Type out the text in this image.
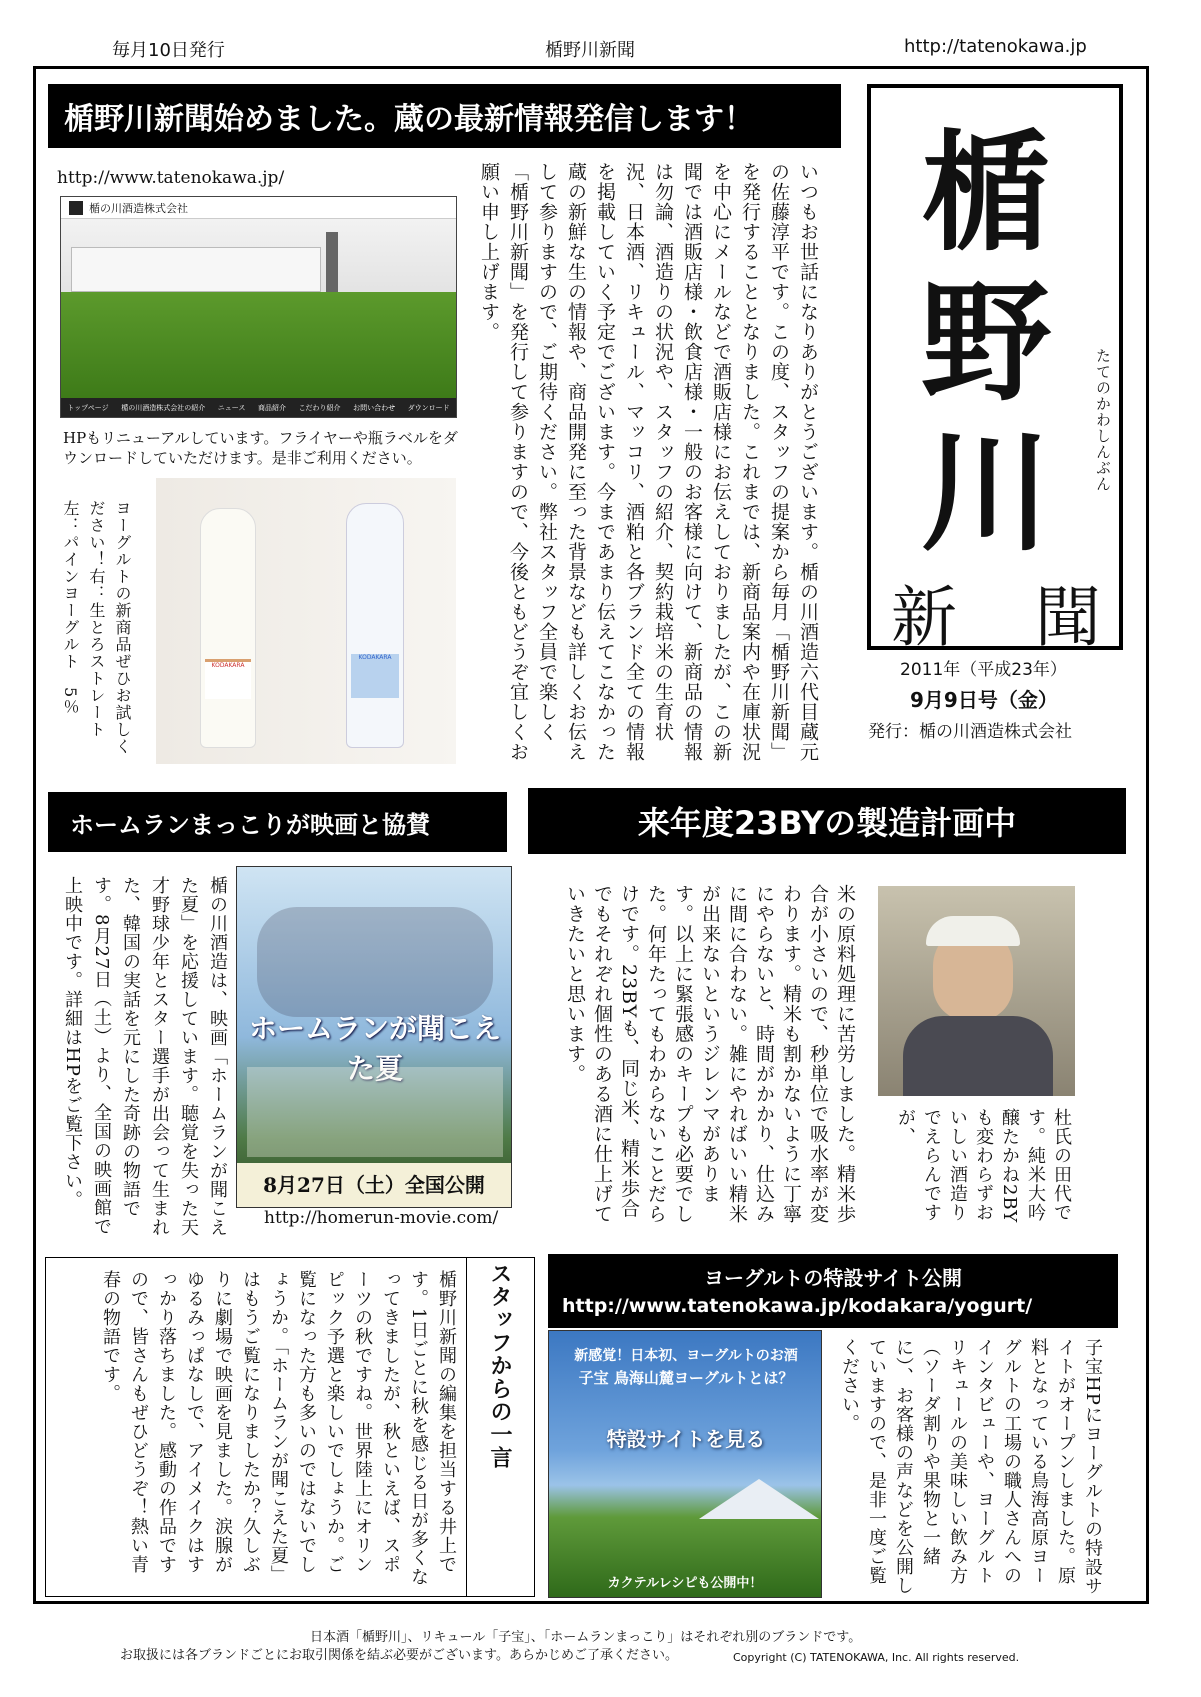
毎月10日発行	楯野川新聞	http://tatenokawa.jp
楯野川新聞始めました。蔵の最新情報発信します！
http://www.tatenokawa.jp/
楯の川酒造株式会社
トップページ 楯の川酒造株式会社の紹介 ニュース 商品紹介 こだわり紹介 お問い合わせ ダウンロード
HPもリニューアルしています。フライヤーや瓶ラベルをダウンロードしていただけます。是非ご利用ください。
KODAKARA
KODAKARA
ヨーグルトの新商品ぜひお試しください！右：生とろストレート　左：パインヨーグルト　5％	いつもお世話になりありがとうございます。楯の川酒造六代目蔵元の佐藤淳平です。この度、スタッフの提案から毎月「楯野川新聞」を発行することとなりました。これまでは、新商品案内や在庫状況を中心にメールなどで酒販店様にお伝えしておりましたが、この新聞では酒販店様・飲食店様・一般のお客様に向けて、新商品の情報は勿論、酒造りの状況や、スタッフの紹介、契約栽培米の生育状況、日本酒、リキュール、マッコリ、酒粕と各ブランド全ての情報を掲載していく予定でございます。今まであまり伝えてこなかった蔵の新鮮な生の情報や、商品開発に至った背景なども詳しくお伝えして参りますので、ご期待ください。弊社スタッフ全員で楽しく「楯野川新聞」を発行して参りますので、今後ともどうぞ宜しくお願い申し上げます。	楯
野
川
新 聞
たてのかわしんぶん
2011年（平成23年）
9月9日号（金）
発行：楯の川酒造株式会社
ホームランまっこりが映画と協賛
楯の川酒造は、映画「ホームランが聞こえた夏」を応援しています。聴覚を失った天才野球少年とスター選手が出会って生まれた、韓国の実話を元にした奇跡の物語です。8月27日（土）より、全国の映画館で上映中です。詳細はHPをご覧下さい。	ホームランが聞こえた夏
8月27日（土）全国公開
http://homerun-movie.com/
来年度23BYの製造計画中
米の原料処理に苦労しました。精米歩合が小さいので、秒単位で吸水率が変わります。精米も割かないように丁寧にやらないと、時間がかかり、仕込みに間に合わない。雑にやればいい精米が出来ないというジレンマがあります。以上に緊張感のキープも必要でした。何年たってもわからないことだらけです。23BYも、同じ米、精米歩合でもそれぞれ個性のある酒に仕上げていきたいと思います。
杜氏の田代です。純米大吟醸たかね2BYも変わらずおいしい酒造りでえらんですが、
スタッフからの一言
楯野川新聞の編集を担当する井上です。1日ごとに秋を感じる日が多くなってきましたが、秋といえば、スポーツの秋ですね。世界陸上にオリンピック予選と楽しいでしょうか。ご覧になった方も多いのではないでしょうか。「ホームランが聞こえた夏」はもうご覧になりましたか？久しぶりに劇場で映画を見ました。涙腺がゆるみっぱなしで、アイメイクはすっかり落ちました。感動の作品ですので、皆さんもぜひどうぞ！熱い青春の物語です。	ヨーグルトの特設サイト公開
http://www.tatenokawa.jp/kodakara/yogurt/
新感覚！日本初、ヨーグルトのお酒
子宝 鳥海山麓ヨーグルトとは？
特設サイトを見る
カクテルレシピも公開中！	子宝HPにヨーグルトの特設サイトがオープンしました。原料となっている鳥海高原ヨーグルトの工場の職人さんへのインタビューや、ヨーグルトリキュールの美味しい飲み方（ソーダ割りや果物と一緒に）、お客様の声などを公開していますので、是非一度ご覧ください。
日本酒「楯野川」、リキュール「子宝」、「ホームランまっこり」はそれぞれ別のブランドです。
お取扱には各ブランドごとにお取引関係を結ぶ必要がございます。あらかじめご了承ください。	Copyright (C) TATENOKAWA, Inc. All rights reserved.
